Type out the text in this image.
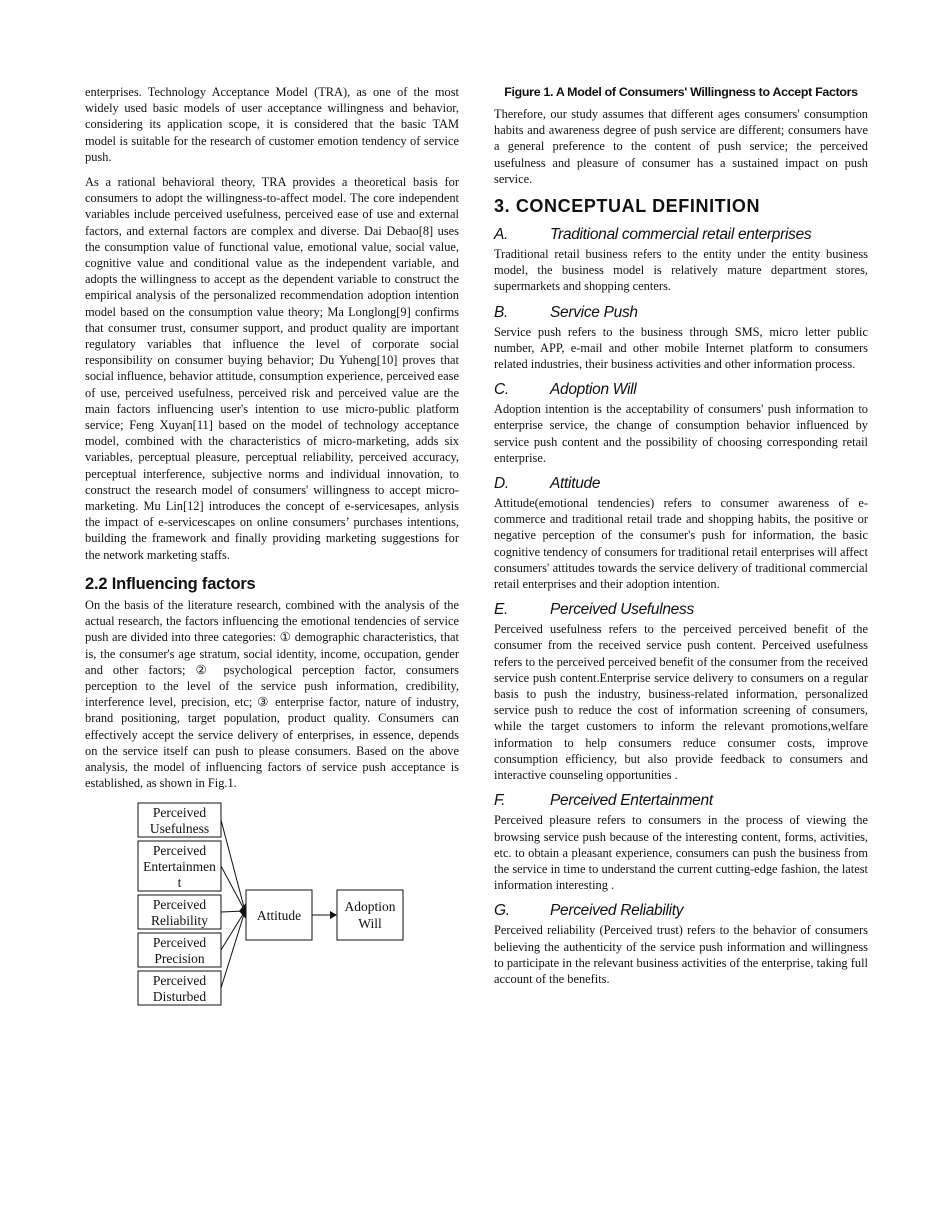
enterprises. Technology Acceptance Model (TRA), as one of the most widely used basic models of user acceptance willingness and behavior, considering its application scope, it is considered that the basic TAM model is suitable for the research of customer emotion tendency of service push.

As a rational behavioral theory, TRA provides a theoretical basis for consumers to adopt the willingness-to-affect model. The core independent variables include perceived usefulness, perceived ease of use and external factors, and external factors are complex and diverse. Dai Debao[8] uses the consumption value of functional value, emotional value, social value, cognitive value and conditional value as the independent variable, and adopts the willingness to accept as the dependent variable to construct the empirical analysis of the personalized recommendation adoption intention model based on the consumption value theory; Ma Longlong[9] confirms that consumer trust, consumer support, and product quality are important regulatory variables that influence the level of corporate social responsibility on consumer buying behavior; Du Yuheng[10] proves that social influence, behavior attitude, consumption experience, perceived ease of use, perceived usefulness, perceived risk and perceived value are the main factors influencing user's intention to use micro-public platform service; Feng Xuyan[11] based on the model of technology acceptance model, combined with the characteristics of micro-marketing, adds six variables, perceptual pleasure, perceptual reliability, perceived accuracy, perceptual interference, subjective norms and individual innovation, to construct the research model of consumers' willingness to accept micro-marketing. Mu Lin[12] introduces the concept of e-servicesapes, anlysis the impact of e-servicescapes on online consumers’ purchases intentions, building the framework and finally providing marketing suggestions for the network marketing staffs.

2.2 Influencing factors

On the basis of the literature research, combined with the analysis of the actual research, the factors influencing the emotional tendencies of service push are divided into three categories: ① demographic characteristics, that is, the consumer's age stratum, social identity, income, occupation, gender and other factors; ② psychological perception factor, consumers perception to the level of the service push information, credibility, interference level, precision, etc; ③ enterprise factor, nature of industry, brand positioning, target population, product quality. Consumers can effectively accept the service delivery of enterprises, in essence, depends on the service itself can push to please consumers. Based on the above analysis, the model of influencing factors of service push acceptance is established, as shown in Fig.1.

Perceived
Usefulness
Perceived
Entertainmen
t
Perceived
Reliability
Perceived
Precision
Perceived
Disturbed
Attitude
Adoption
Will
Figure 1. A Model of Consumers' Willingness to Accept Factors

Therefore, our study assumes that different ages consumers' consumption habits and awareness degree of push service are different; consumers have a general preference to the content of push service; the perceived usefulness and pleasure of consumer has a sustained impact on push service.

3. CONCEPTUAL DEFINITION
A.	Traditional commercial retail enterprises

Traditional retail business refers to the entity under the entity business model, the business model is relatively mature department stores, supermarkets and shopping centers.

B.	Service Push

Service push refers to the business through SMS, micro letter public number, APP, e-mail and other mobile Internet platform to consumers related industries, their business activities and other information process.

C.	Adoption Will

Adoption intention is the acceptability of consumers' push information to enterprise service, the change of consumption behavior influenced by service push content and the possibility of choosing corresponding retail enterprise.

D.	Attitude

Attitude(emotional tendencies) refers to consumer awareness of e-commerce and traditional retail trade and shopping habits, the positive or negative perception of the consumer's push for information, the basic cognitive tendency of consumers for traditional retail enterprises will affect consumers' attitudes towards the service delivery of traditional commercial retail enterprises and their adoption intention.

E.	Perceived Usefulness

Perceived usefulness refers to the perceived perceived benefit of the consumer from the received service push content. Perceived usefulness refers to the perceived perceived benefit of the consumer from the received service push content.Enterprise service delivery to consumers on a regular basis to push the industry, business-related information, personalized service push to reduce the cost of information screening of consumers, while the target customers to inform the relevant promotions,welfare information to help consumers reduce consumer costs, improve consumption efficiency, but also provide feedback to consumers and interactive counseling opportunities .

F.	Perceived Entertainment

Perceived pleasure refers to consumers in the process of viewing the browsing service push because of the interesting content, forms, activities, etc. to obtain a pleasant experience, consumers can push the business from the service in time to understand the current cutting-edge fashion, the latest information interesting .

G.	Perceived Reliability

Perceived reliability (Perceived trust) refers to the behavior of consumers believing the authenticity of the service push information and willingness to participate in the relevant business activities of the enterprise, taking full account of the benefits.
